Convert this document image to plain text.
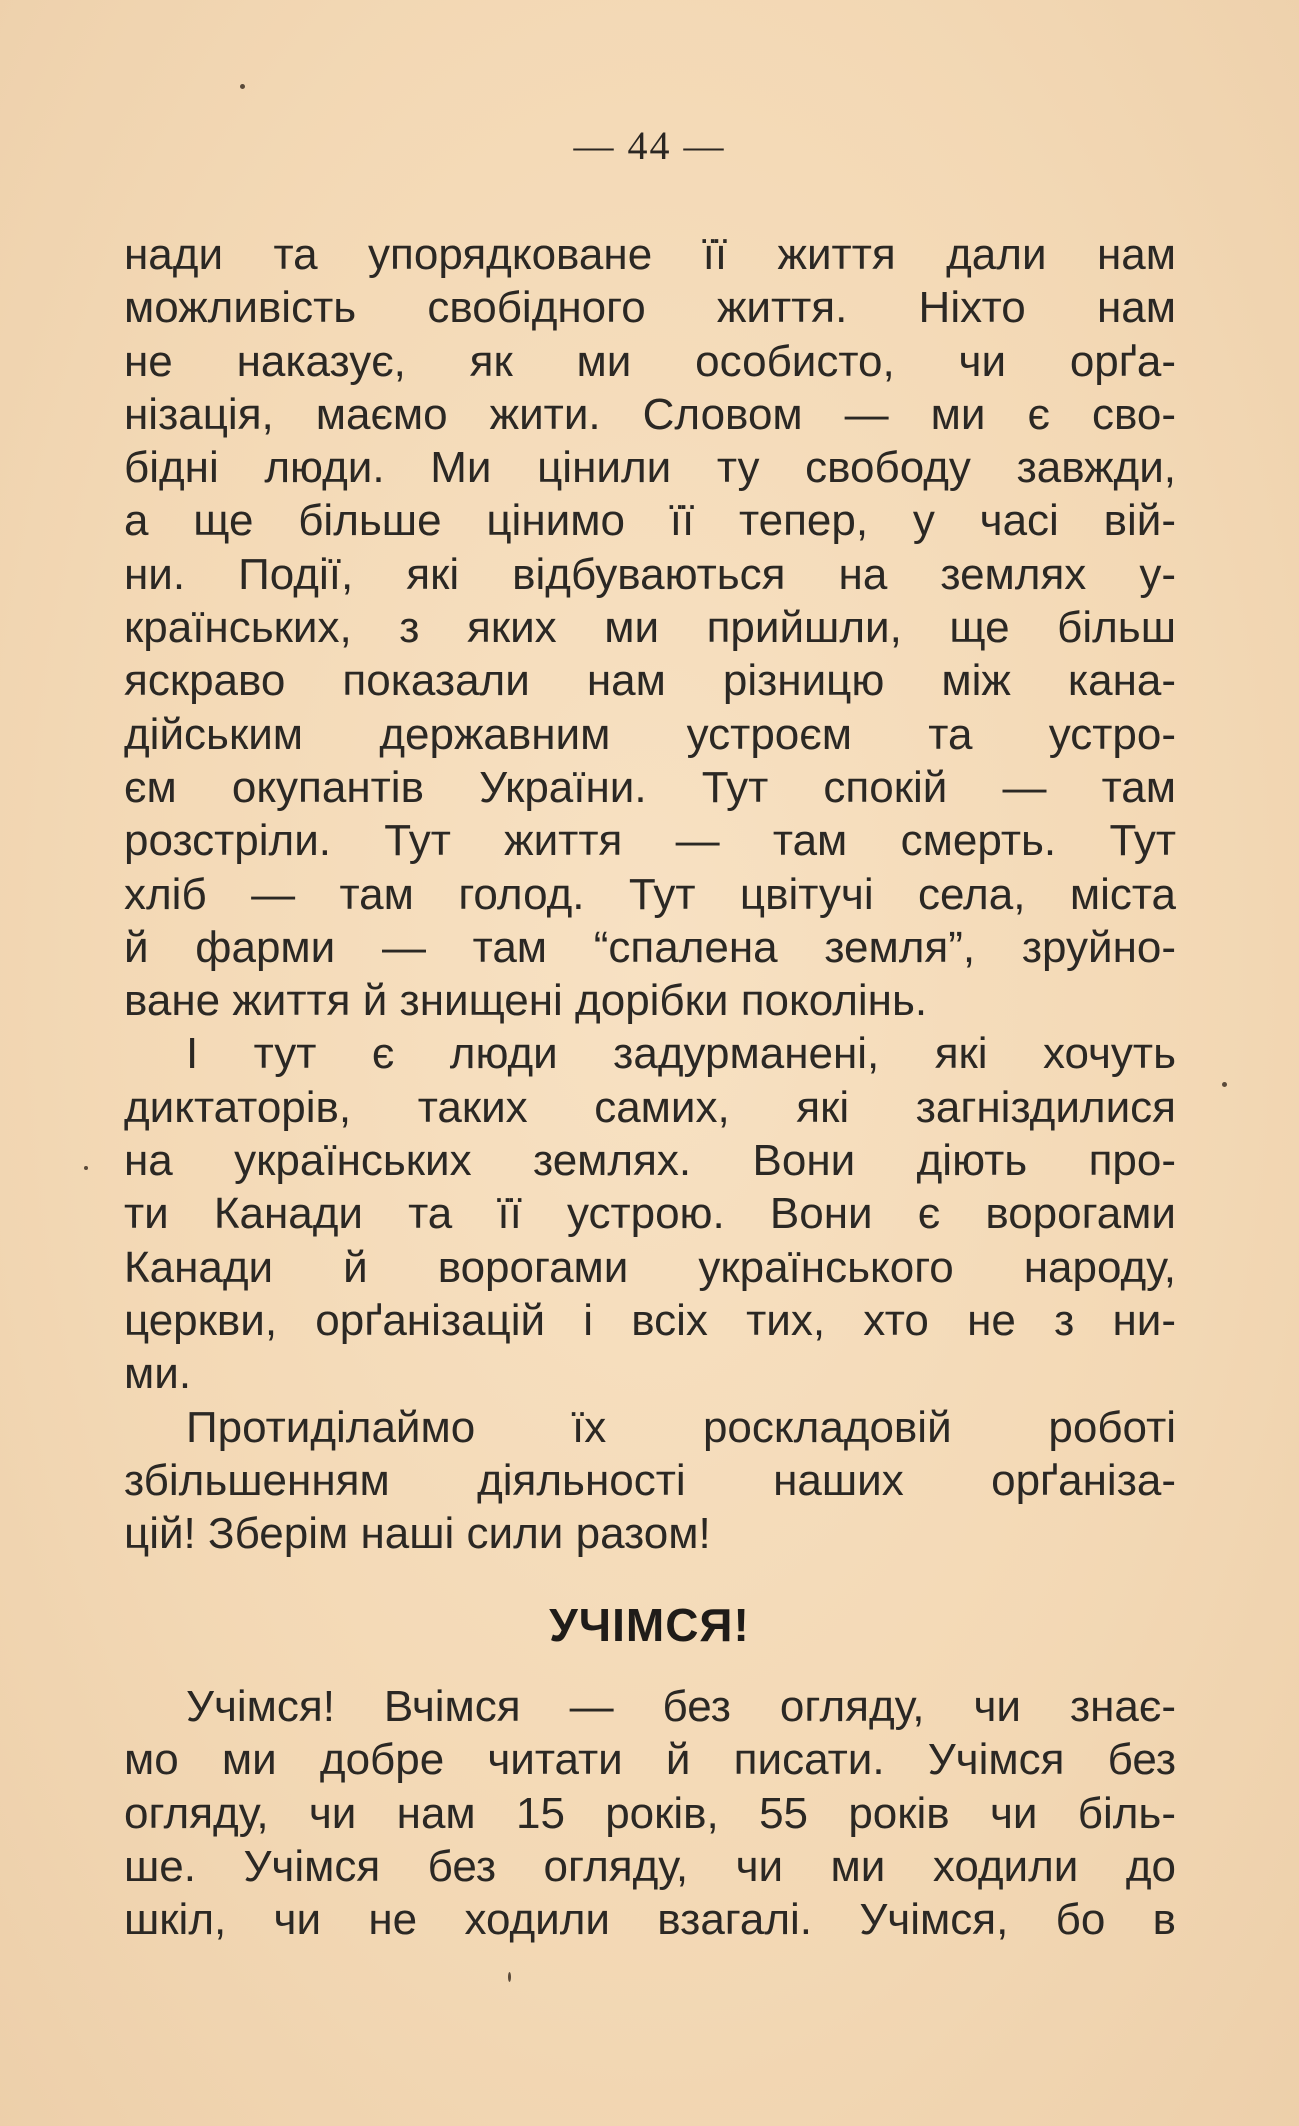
— 44 —
нади та упорядковане її життя дали нам
можливість свобідного життя. Ніхто нам
не наказує, як ми особисто, чи орґа-
нізація, маємо жити. Словом — ми є сво-
бідні люди. Ми цінили ту свободу завжди,
а ще більше цінимо її тепер, у часі вій-
ни. Події, які відбуваються на землях у-
країнських, з яких ми прийшли, ще більш
яскраво показали нам різницю між кана-
дійським державним устроєм та устро-
єм окупантів України. Тут спокій — там
розстріли. Тут життя — там смерть. Тут
хліб — там голод. Тут цвітучі села, міста
й фарми — там “спалена земля”, зруйно-
ване життя й знищені дорібки поколінь.
І тут є люди задурманені, які хочуть
диктаторів, таких самих, які загніздилися
на українських землях. Вони діють про-
ти Канади та її устрою. Вони є ворогами
Канади й ворогами українського народу,
церкви, орґанізацій і всіх тих, хто не з ни-
ми.
Протиділаймо їх роскладовій роботі
збільшенням діяльності наших орґаніза-
цій! Зберім наші сили разом!
УЧІМСЯ!
Учімся! Вчімся — без огляду, чи знає-
мо ми добре читати й писати. Учімся без
огляду, чи нам 15 років, 55 років чи біль-
ше. Учімся без огляду, чи ми ходили до
шкіл, чи не ходили взагалі. Учімся, бо в
